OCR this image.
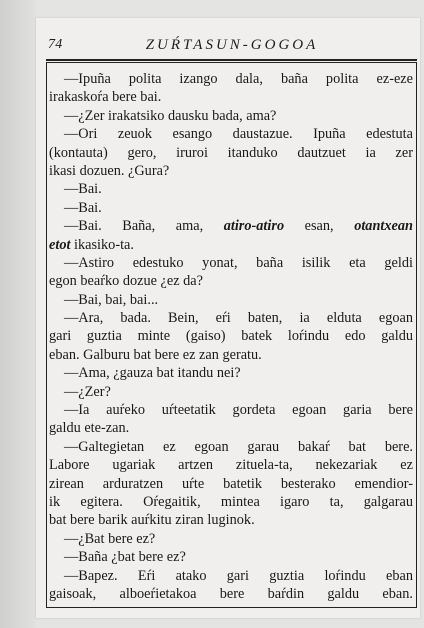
74	ZUŔTASUN-GOGOA
—Ipuña polita izango dala, baña polita ez-eze
irakaskoŕa bere bai.
—¿Zer irakatsiko dausku bada, ama?
—Ori zeuok esango daustazue. Ipuña edestuta
(kontauta) gero, iruroi itanduko dautzuet ia zer
ikasi dozuen. ¿Gura?
—Bai.
—Bai.
—Bai. Baña, ama, atiro-atiro esan, otantxean
etot ikasiko-ta.
—Astiro edestuko yonat, baña isilik eta geldi
egon beaŕko dozue ¿ez da?
—Bai, bai, bai...
—Ara, bada. Bein, eŕi baten, ia elduta egoan
gari guztia minte (gaiso) batek loŕindu edo galdu
eban. Galburu bat bere ez zan geratu.
—Ama, ¿gauza bat itandu nei?
—¿Zer?
—Ia auŕeko uŕteetatik gordeta egoan garia bere
galdu ete-zan.
—Galtegietan ez egoan garau bakaŕ bat bere.
Labore ugariak artzen zituela-ta, nekezariak ez
zirean arduratzen uŕte batetik besterako emendior-
ik egitera. Oŕegaitik, mintea igaro ta, galgarau
bat bere barik auŕkitu ziran luginok.
—¿Bat bere ez?
—Baña ¿bat bere ez?
—Bapez. Eŕi atako gari guztia loŕindu eban
gaisoak, alboeŕietakoa bere baŕdin galdu eban.
